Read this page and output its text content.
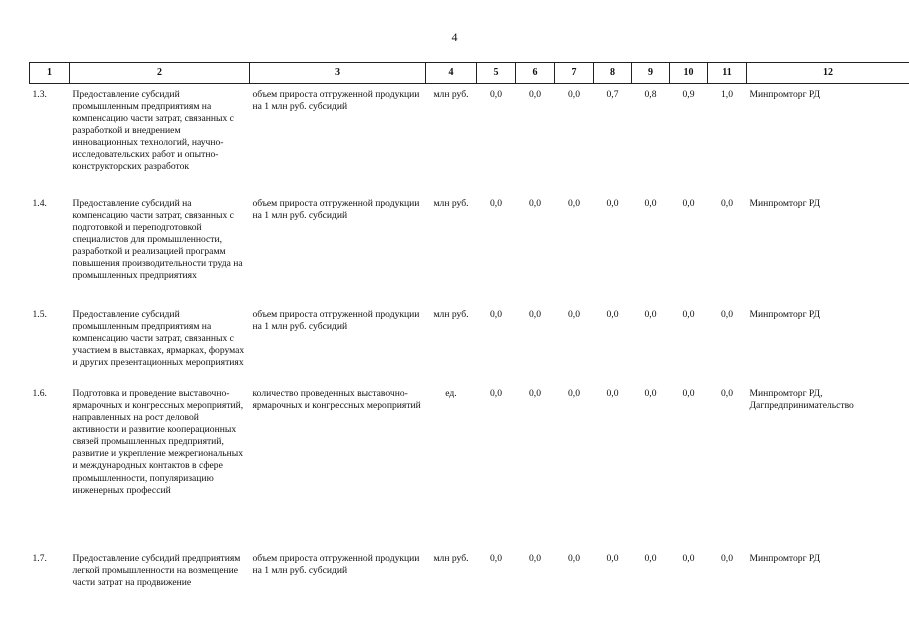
4
1	2	3	4	5	6	7	8	9	10	11	12
1.3.	Предоставление субсидий промышленным предприятиям на компенсацию части затрат, связанных с разработкой и внедрением инновационных технологий, научно-исследовательских работ и опытно-конструкторских разработок	объем прироста отгруженной продукции на 1 млн руб. субсидий	млн руб.	0,0	0,0	0,0	0,7	0,8	0,9	1,0	Минпромторг РД
1.4.	Предоставление субсидий на компенсацию части затрат, связанных с подготовкой и переподготовкой специалистов для промышленности, разработкой и реализацией программ повышения производительности труда на промышленных предприятиях	объем прироста отгруженной продукции на 1 млн руб. субсидий	млн руб.	0,0	0,0	0,0	0,0	0,0	0,0	0,0	Минпромторг РД
1.5.	Предоставление субсидий промышленным предприятиям на компенсацию части затрат, связанных с участием в выставках, ярмарках, форумах и других презентационных мероприятиях	объем прироста отгруженной продукции на 1 млн руб. субсидий	млн руб.	0,0	0,0	0,0	0,0	0,0	0,0	0,0	Минпромторг РД
1.6.	Подготовка и проведение выставочно-ярмарочных и конгрессных мероприятий, направленных на рост деловой активности и развитие кооперационных связей промышленных предприятий, развитие и укрепление межрегиональных и международных контактов в сфере промышленности, популяризацию инженерных профессий	количество проведенных выставочно-ярмарочных и конгрессных мероприятий	ед.	0,0	0,0	0,0	0,0	0,0	0,0	0,0	Минпромторг РД, Дагпредпринимательство
1.7.	Предоставление субсидий предприятиям легкой промышленности на возмещение части затрат на продвижение	объем прироста отгруженной продукции на 1 млн руб. субсидий	млн руб.	0,0	0,0	0,0	0,0	0,0	0,0	0,0	Минпромторг РД
